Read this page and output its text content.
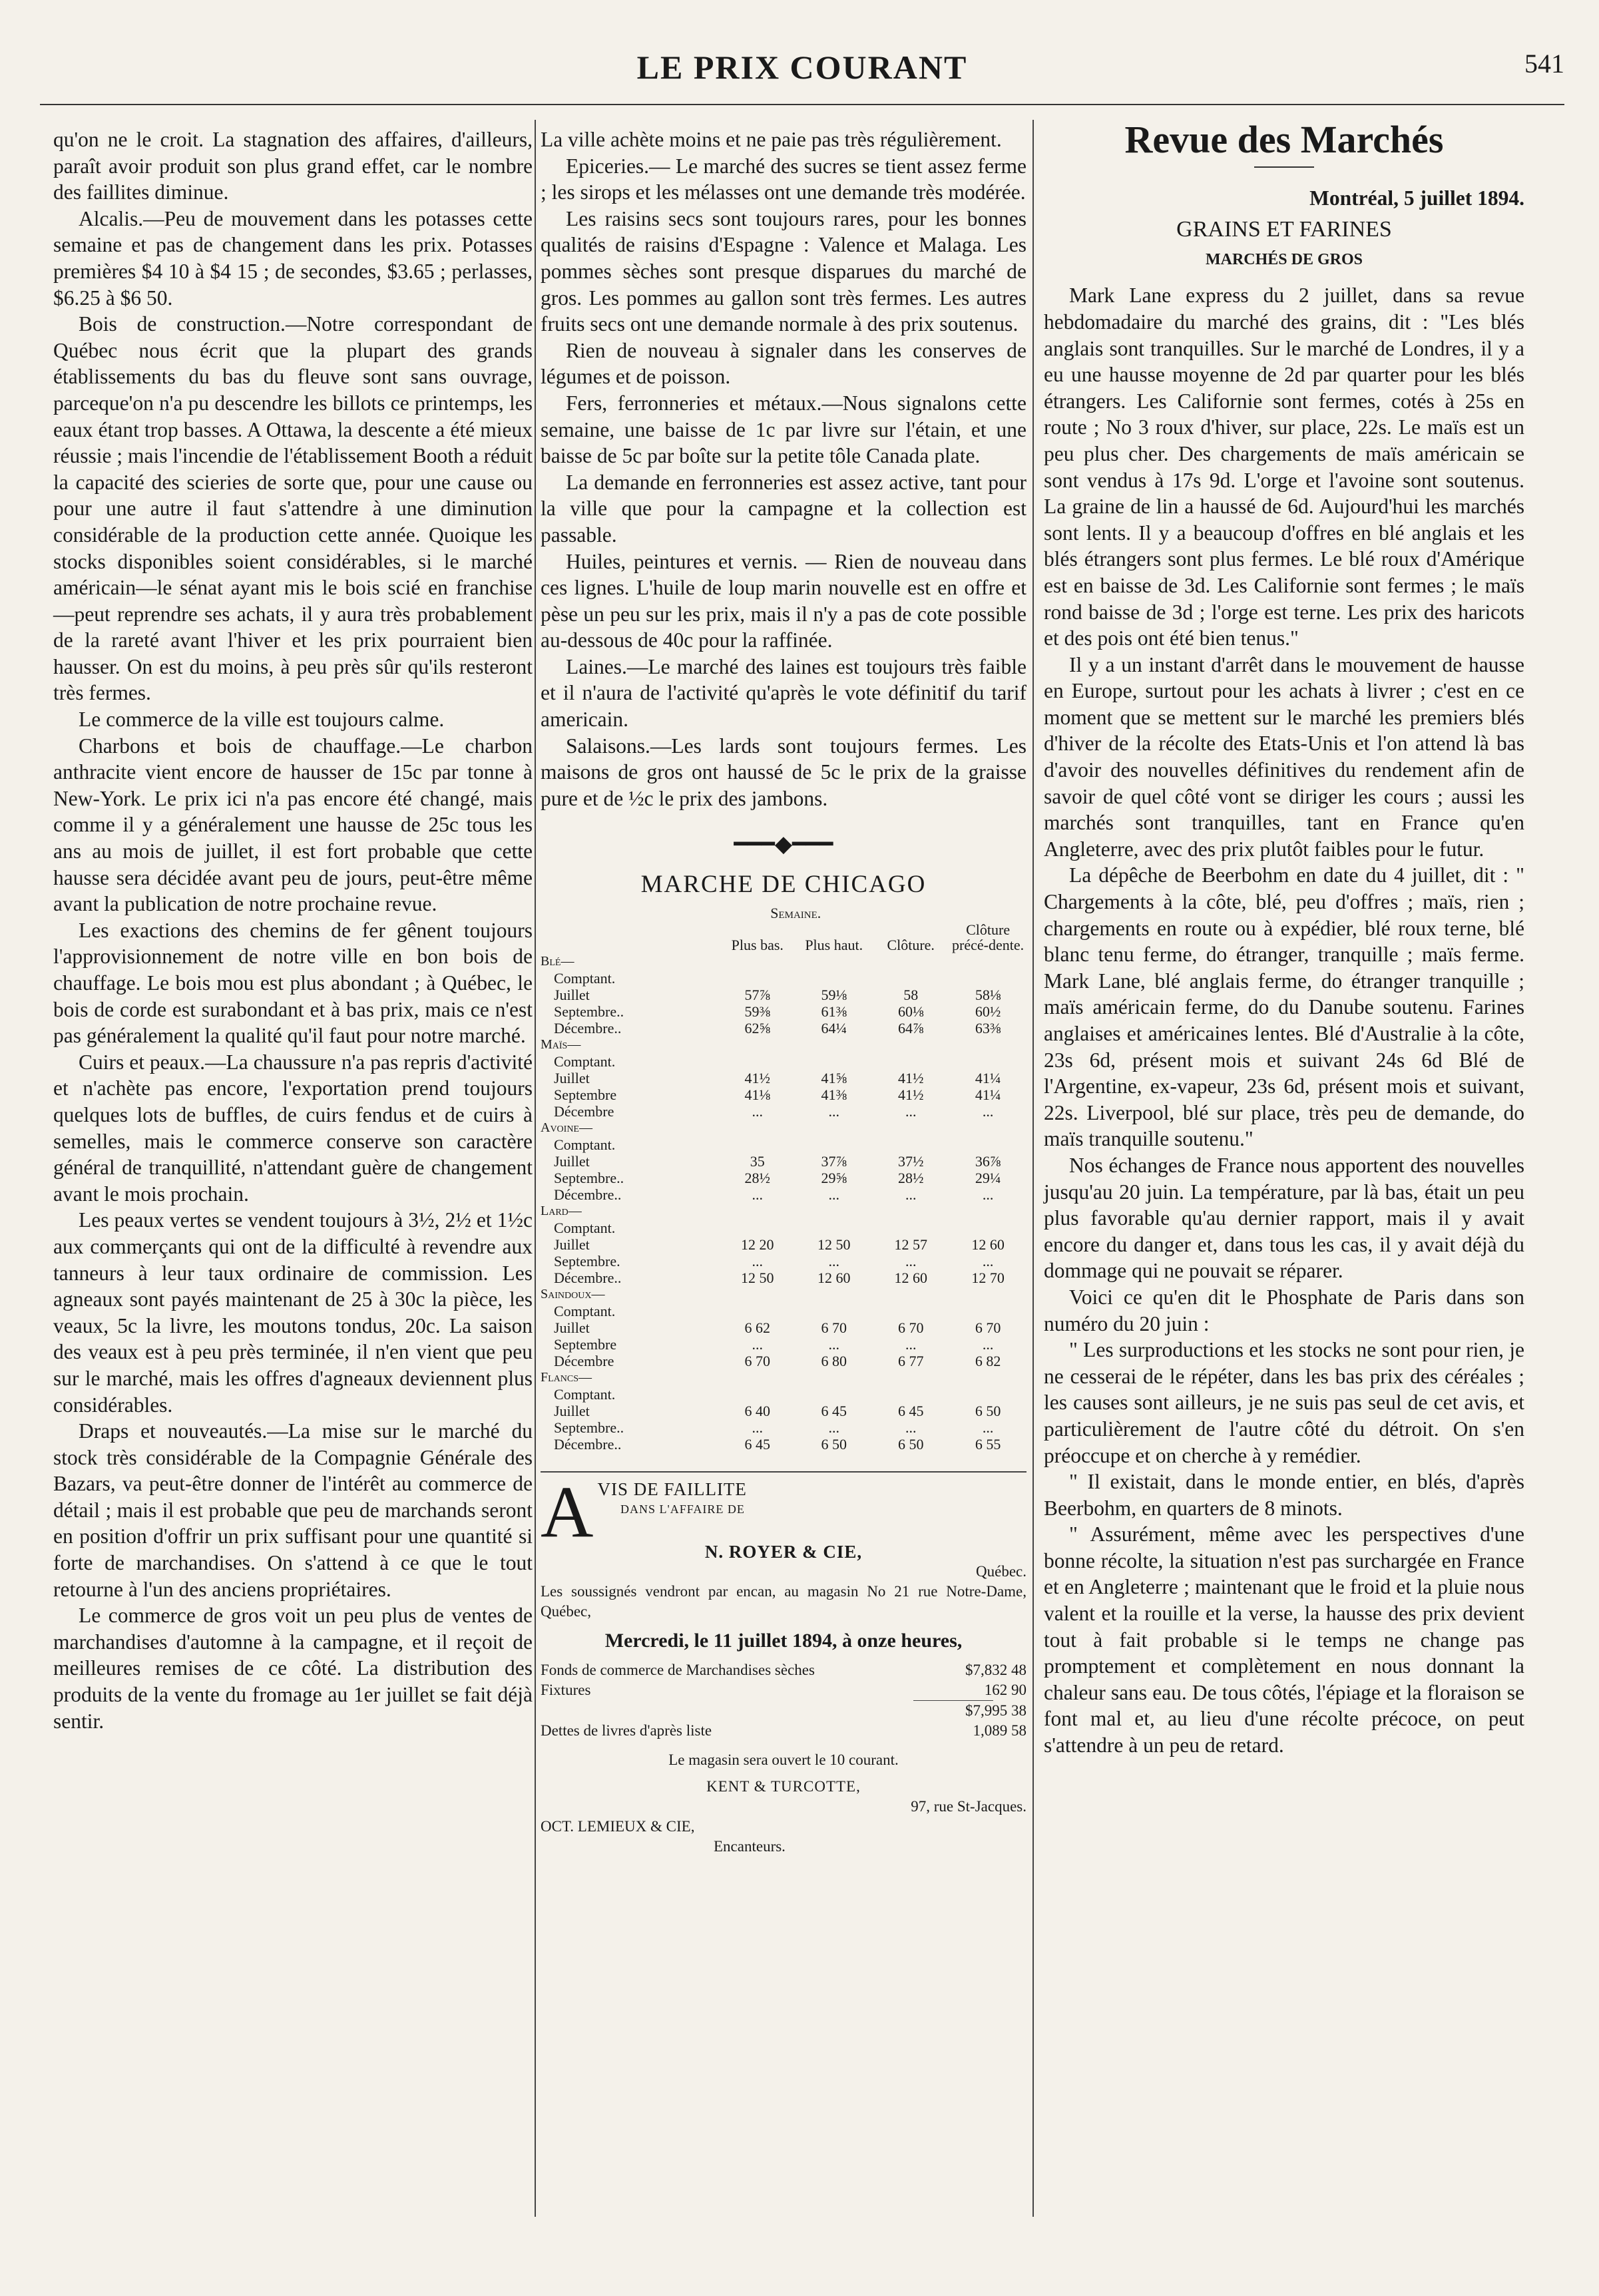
LE PRIX COURANT	541

qu'on ne le croit. La stagnation des affaires, d'ailleurs, paraît avoir produit son plus grand effet, car le nombre des faillites diminue.

Alcalis.—Peu de mouvement dans les potasses cette semaine et pas de changement dans les prix. Potasses premières $4 10 à $4 15 ; de secondes, $3.65 ; perlasses, $6.25 à $6 50.

Bois de construction.—Notre correspondant de Québec nous écrit que la plupart des grands établissements du bas du fleuve sont sans ouvrage, parceque'on n'a pu descendre les billots ce printemps, les eaux étant trop basses. A Ottawa, la descente a été mieux réussie ; mais l'incendie de l'établissement Booth a réduit la capacité des scieries de sorte que, pour une cause ou pour une autre il faut s'attendre à une diminution considérable de la production cette année. Quoique les stocks disponibles soient considérables, si le marché américain—le sénat ayant mis le bois scié en franchise—peut reprendre ses achats, il y aura très probablement de la rareté avant l'hiver et les prix pourraient bien hausser. On est du moins, à peu près sûr qu'ils resteront très fermes.

Le commerce de la ville est toujours calme.

Charbons et bois de chauffage.—Le charbon anthracite vient encore de hausser de 15c par tonne à New-York. Le prix ici n'a pas encore été changé, mais comme il y a généralement une hausse de 25c tous les ans au mois de juillet, il est fort probable que cette hausse sera décidée avant peu de jours, peut-être même avant la publication de notre prochaine revue.

Les exactions des chemins de fer gênent toujours l'approvisionnement de notre ville en bon bois de chauffage. Le bois mou est plus abondant ; à Québec, le bois de corde est surabondant et à bas prix, mais ce n'est pas généralement la qualité qu'il faut pour notre marché.

Cuirs et peaux.—La chaussure n'a pas repris d'activité et n'achète pas encore, l'exportation prend toujours quelques lots de buffles, de cuirs fendus et de cuirs à semelles, mais le commerce conserve son caractère général de tranquillité, n'attendant guère de changement avant le mois prochain.

Les peaux vertes se vendent toujours à 3½, 2½ et 1½c aux commerçants qui ont de la difficulté à revendre aux tanneurs à leur taux ordinaire de commission. Les agneaux sont payés maintenant de 25 à 30c la pièce, les veaux, 5c la livre, les moutons tondus, 20c. La saison des veaux est à peu près terminée, il n'en vient que peu sur le marché, mais les offres d'agneaux deviennent plus considérables.

Draps et nouveautés.—La mise sur le marché du stock très considérable de la Compagnie Générale des Bazars, va peut-être donner de l'intérêt au commerce de détail ; mais il est probable que peu de marchands seront en position d'offrir un prix suffisant pour une quantité si forte de marchandises. On s'attend à ce que le tout retourne à l'un des anciens propriétaires.

Le commerce de gros voit un peu plus de ventes de marchandises d'automne à la campagne, et il reçoit de meilleures remises de ce côté. La distribution des produits de la vente du fromage au 1er juillet se fait déjà sentir.

La ville achète moins et ne paie pas très régulièrement.

Epiceries.— Le marché des sucres se tient assez ferme ; les sirops et les mélasses ont une demande très modérée.

Les raisins secs sont toujours rares, pour les bonnes qualités de raisins d'Espagne : Valence et Malaga. Les pommes sèches sont presque disparues du marché de gros. Les pommes au gallon sont très fermes. Les autres fruits secs ont une demande normale à des prix soutenus.

Rien de nouveau à signaler dans les conserves de légumes et de poisson.

Fers, ferronneries et métaux.—Nous signalons cette semaine, une baisse de 1c par livre sur l'étain, et une baisse de 5c par boîte sur la petite tôle Canada plate.

La demande en ferronneries est assez active, tant pour la ville que pour la campagne et la collection est passable.

Huiles, peintures et vernis. — Rien de nouveau dans ces lignes. L'huile de loup marin nouvelle est en offre et pèse un peu sur les prix, mais il n'y a pas de cote possible au-dessous de 40c pour la raffinée.

Laines.—Le marché des laines est toujours très faible et il n'aura de l'activité qu'après le vote définitif du tarif americain.

Salaisons.—Les lards sont toujours fermes. Les maisons de gros ont haussé de 5c le prix de la graisse pure et de ½c le prix des jambons.

━━━◆━━━
MARCHE DE CHICAGO
	Semaine.			
	Plus bas.	Plus haut.	Clôture.	Clôture précé-dente.
Blé—				
Comptant.				
Juillet	57⅞	59⅛	58	58⅛
Septembre..	59⅜	61⅜	60⅛	60½
Décembre..	62⅝	64¼	64⅞	63⅜
Maïs—				
Comptant.				
Juillet	41½	41⅝	41½	41¼
Septembre	41⅛	41⅜	41½	41¼
Décembre	...	...	...	...
Avoine—				
Comptant.				
Juillet	35	37⅞	37½	36⅞
Septembre..	28½	29⅝	28½	29¼
Décembre..	...	...	...	...
Lard—				
Comptant.				
Juillet	12 20	12 50	12 57	12 60
Septembre.	...	...	...	...
Décembre..	12 50	12 60	12 60	12 70
Saindoux—				
Comptant.				
Juillet	6 62	6 70	6 70	6 70
Septembre	...	...	...	...
Décembre	6 70	6 80	6 77	6 82
Flancs—				
Comptant.				
Juillet	6 40	6 45	6 45	6 50
Septembre..	...	...	...	...
Décembre..	6 45	6 50	6 50	6 55
A VIS DE FAILLITE
DANS L'AFFAIRE DE
N. ROYER & CIE,
Québec.
Les soussignés vendront par encan, au magasin No 21 rue Notre-Dame, Québec,
Mercredi, le 11 juillet 1894, à onze heures,
Fonds de commerce de Marchandises sèches	$7,832 48
Fixtures	162 90
$7,995 38
Dettes de livres d'après liste	1,089 58
Le magasin sera ouvert le 10 courant.
KENT & TURCOTTE,
97, rue St-Jacques.
OCT. LEMIEUX & CIE,
Encanteurs.
Revue des Marchés
Montréal, 5 juillet 1894.
GRAINS ET FARINES
MARCHÉS DE GROS

Mark Lane express du 2 juillet, dans sa revue hebdomadaire du marché des grains, dit : "Les blés anglais sont tranquilles. Sur le marché de Londres, il y a eu une hausse moyenne de 2d par quarter pour les blés étrangers. Les Californie sont fermes, cotés à 25s en route ; No 3 roux d'hiver, sur place, 22s. Le maïs est un peu plus cher. Des chargements de maïs américain se sont vendus à 17s 9d. L'orge et l'avoine sont soutenus. La graine de lin a haussé de 6d. Aujourd'hui les marchés sont lents. Il y a beaucoup d'offres en blé anglais et les blés étrangers sont plus fermes. Le blé roux d'Amérique est en baisse de 3d. Les Californie sont fermes ; le maïs rond baisse de 3d ; l'orge est terne. Les prix des haricots et des pois ont été bien tenus."

Il y a un instant d'arrêt dans le mouvement de hausse en Europe, surtout pour les achats à livrer ; c'est en ce moment que se mettent sur le marché les premiers blés d'hiver de la récolte des Etats-Unis et l'on attend là bas d'avoir des nouvelles définitives du rendement afin de savoir de quel côté vont se diriger les cours ; aussi les marchés sont tranquilles, tant en France qu'en Angleterre, avec des prix plutôt faibles pour le futur.

La dépêche de Beerbohm en date du 4 juillet, dit : " Chargements à la côte, blé, peu d'offres ; maïs, rien ; chargements en route ou à expédier, blé roux terne, blé blanc tenu ferme, do étranger, tranquille ; maïs ferme. Mark Lane, blé anglais ferme, do étranger tranquille ; maïs américain ferme, do du Danube soutenu. Farines anglaises et américaines lentes. Blé d'Australie à la côte, 23s 6d, présent mois et suivant 24s 6d Blé de l'Argentine, ex-vapeur, 23s 6d, présent mois et suivant, 22s. Liverpool, blé sur place, très peu de demande, do maïs tranquille soutenu."

Nos échanges de France nous apportent des nouvelles jusqu'au 20 juin. La température, par là bas, était un peu plus favorable qu'au dernier rapport, mais il y avait encore du danger et, dans tous les cas, il y avait déjà du dommage qui ne pouvait se réparer.

Voici ce qu'en dit le Phosphate de Paris dans son numéro du 20 juin :

" Les surproductions et les stocks ne sont pour rien, je ne cesserai de le répéter, dans les bas prix des céréales ; les causes sont ailleurs, je ne suis pas seul de cet avis, et particulièrement de l'autre côté du détroit. On s'en préoccupe et on cherche à y remédier.

" Il existait, dans le monde entier, en blés, d'après Beerbohm, en quarters de 8 minots.

" Assurément, même avec les perspectives d'une bonne récolte, la situation n'est pas surchargée en France et en Angleterre ; maintenant que le froid et la pluie nous valent et la rouille et la verse, la hausse des prix devient tout à fait probable si le temps ne change pas promptement et complètement en nous donnant la chaleur sans eau. De tous côtés, l'épiage et la floraison se font mal et, au lieu d'une récolte précoce, on peut s'attendre à un peu de retard.
